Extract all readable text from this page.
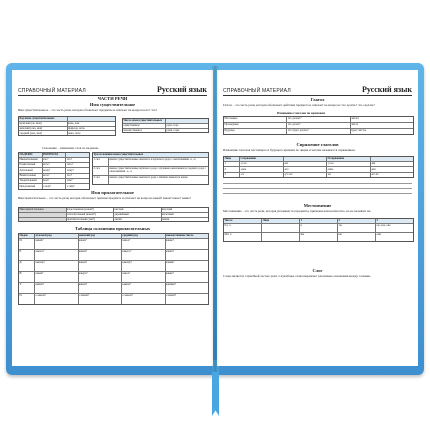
СПРАВОЧНЫЙ МАТЕРИАЛ	Русский язык
ЧАСТИ РЕЧИ
Имя существительное
Имя существительное – это часть речи, которая обозначает предметы и отвечает на вопросы кто? что?
Род имен существительных
мужской (он, мой)	конь, дом
женский (она, моя)	природа, ночь
средний (оно, моё)	окно, поле
Число имен существительных
единственное	рука, гора
множественное	руки, горы
Склонение – изменение слов по падежам.
ПАДЕЖИ	ВОПРОСЫ
Именительный	кто?	что?
Родительный	кого?	чего?
Дательный	кому?	чему?
Винительный	кого?	что?
Творительный	кем?	чем?
Предложный	о ком?	о чём?
Три склонения имен существительных
1 скл.	имена существительные женского и мужского рода с окончаниями -а, -я
2 скл.	имена существительные мужского рода с нулевым окончанием и среднего рода с окончаниями -о, -е
3 скл.	имена существительные женского рода с мягким знаком на конце
Имя прилагательное
Имя прилагательное – это часть речи, которая обозначает признак предмета и отвечает на вопросы какой? какая? какое? какие?
Имя прилагательное	качественный (какой?)	кислый	вкусный
относительный (какой?)	деревянный	железный
притяжательный (чей?)	лисий	папин
Таблица склонения прилагательных
Падеж	мужской род	женский род	средний род	множественное число
И.	какой?	какая?	какое?	какие?
Р.	какого?	какой?	какого?	каких?
Д.	какому?	какой?	какому?	каким?
В.	какой?	какую?	какое?	какие?
Т.	каким?	какой?	каким?	какими?
П.	о каком?	о какой?	о каком?	о каких?
СПРАВОЧНЫЙ МАТЕРИАЛ	Русский язык
Глагол
Глагол – это часть речи, которая обозначает действие предмета и отвечает на вопросы: что делать? что сделать?
Изменение глаголов по временам
Настоящее	что делает?	читает
Прошедшее	что делал?	читал
Будущее	что будет делать?	будет читать
Спряжение глаголов
Изменение глаголов настоящего и будущего времени по лицам и числам называется спряжением.
Лицо	I спряжение	II спряжение
1	-у/-ю	-ем	-у/-ю	-им
2	-ешь	-ете	-ишь	-ите
3	-ет	-ут/-ют	-ит	-ат/-ят
Местоимение
Местоимение – это часть речи, которая указывает на предметы, признаки или количество, но не называет их.
Число	Лицо	1	2	3
Ед. ч.	я	ты	он, она, оно
Мн. ч.	мы	вы	они
Слог
Слово является служебной частью речи. Служебные слова выражают различные отношения между словами.
